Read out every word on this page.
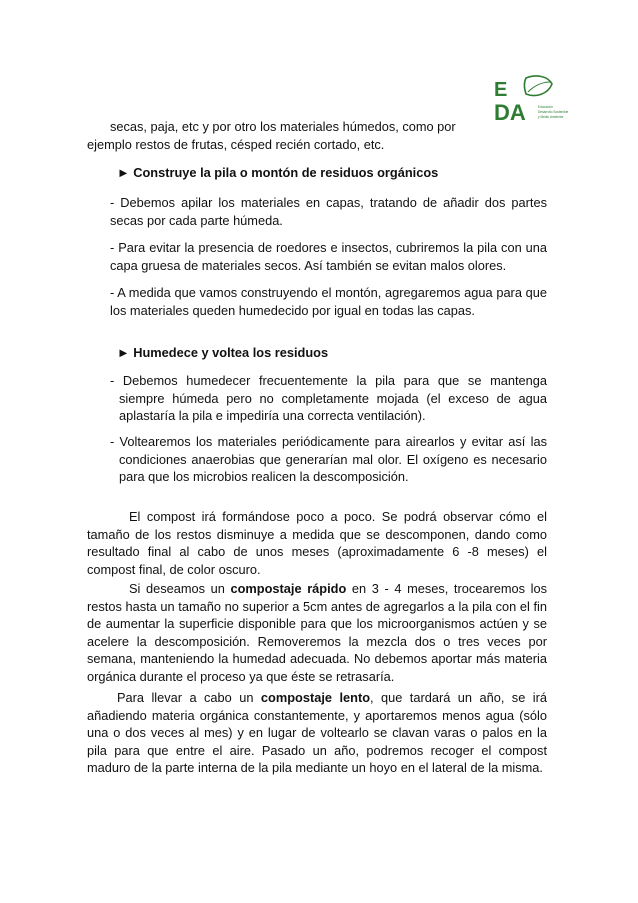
E
DA	Educación
Desarrollo Sostenible
y Medio Ambiente

secas, paja, etc y por otro los materiales húmedos, como por

ejemplo restos de frutas, césped recién cortado, etc.

► Construye la pila o montón de residuos orgánicos

- Debemos apilar los materiales en capas, tratando de añadir dos partes secas por cada parte húmeda.

- Para evitar la presencia de roedores e insectos, cubriremos la pila con una capa gruesa de materiales secos. Así también se evitan malos olores.

- A medida que vamos construyendo el montón, agregaremos agua para que los materiales queden humedecido por igual en todas las capas.

► Humedece y voltea los residuos

- Debemos humedecer frecuentemente la pila para que se mantenga siempre húmeda pero no completamente mojada (el exceso de agua aplastaría la pila e impediría una correcta ventilación).

- Voltearemos los materiales periódicamente para airearlos y evitar así las condiciones anaerobias que generarían mal olor. El oxígeno es necesario para que los microbios realicen la descomposición.

El compost irá formándose poco a poco. Se podrá observar cómo el tamaño de los restos disminuye a medida que se descomponen, dando como resultado final al cabo de unos meses (aproximadamente 6 -8 meses) el compost final, de color oscuro.

Si deseamos un compostaje rápido en 3 - 4 meses, trocearemos los restos hasta un tamaño no superior a 5cm antes de agregarlos a la pila con el fin de aumentar la superficie disponible para que los microorganismos actúen y se acelere la descomposición. Removeremos la mezcla dos o tres veces por semana, manteniendo la humedad adecuada. No debemos aportar más materia orgánica durante el proceso ya que éste se retrasaría.

Para llevar a cabo un compostaje lento, que tardará un año, se irá añadiendo materia orgánica constantemente, y aportaremos menos agua (sólo una o dos veces al mes) y en lugar de voltearlo se clavan varas o palos en la pila para que entre el aire. Pasado un año, podremos recoger el compost maduro de la parte interna de la pila mediante un hoyo en el lateral de la misma.
